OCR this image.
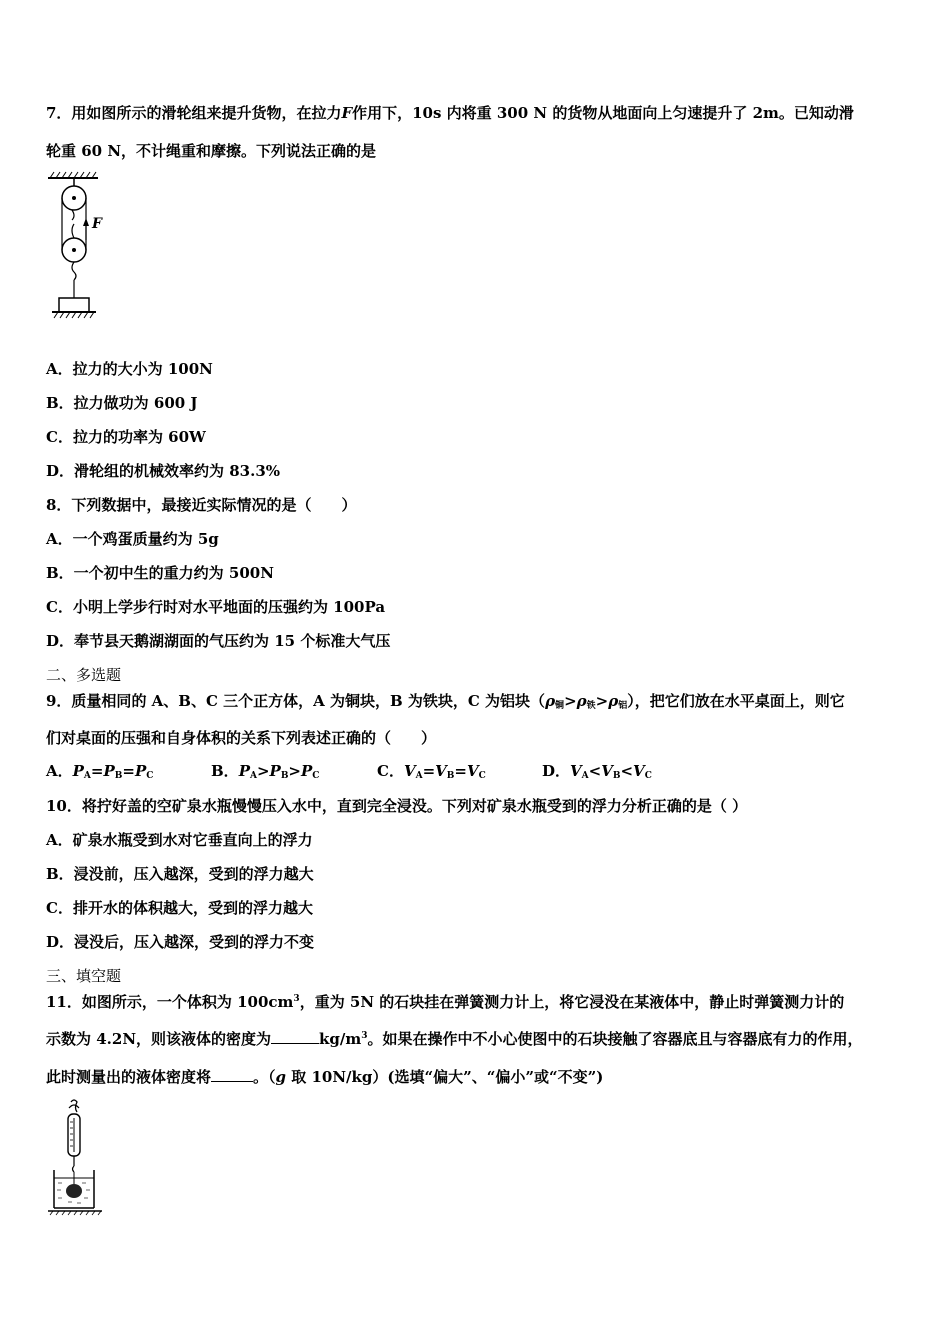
7．用如图所示的滑轮组来提升货物，在拉力F作用下，10s 内将重 300 N 的货物从地面向上匀速提升了 2m。已知动滑
轮重 60 N，不计绳重和摩擦。下列说法正确的是
F
A．拉力的大小为 100N
B．拉力做功为 600 J
C．拉力的功率为 60W
D．滑轮组的机械效率约为 83.3%
8．下列数据中，最接近实际情况的是（　　）
A．一个鸡蛋质量约为 5g
B．一个初中生的重力约为 500N
C．小明上学步行时对水平地面的压强约为 100Pa
D．奉节县天鹅湖湖面的气压约为 15 个标准大气压
二、多选题
9．质量相同的 A、B、C 三个正方体，A 为铜块，B 为铁块，C 为铝块$(\rho_铜>\rho_铁>\rho_铝)$，把它们放在水平桌面上，则它
们对桌面的压强和自身体积的关系下列表述正确的（　　）
A．$P_A=P_B=P_C$	B．$P_A>P_B>P_C$	C．$V_A=V_B=V_C$	D．$V_A<V_B<V_C$
10．将拧好盖的空矿泉水瓶慢慢压入水中，直到完全浸没。下列对矿泉水瓶受到的浮力分析正确的是（ ）
A．矿泉水瓶受到水对它垂直向上的浮力
B．浸没前，压入越深，受到的浮力越大
C．排开水的体积越大，受到的浮力越大
D．浸没后，压入越深，受到的浮力不变
三、填空题
11．如图所示，一个体积为 $100cm^3$，重为 5N 的石块挂在弹簧测力计上，将它浸没在某液体中，静止时弹簧测力计的
示数为 4.2N，则该液体的密度为	$kg/m^3$。如果在操作中不小心使图中的石块接触了容器底且与容器底有力的作用，
此时测量出的液体密度将	。（g 取 10N/kg）(选填“偏大”、“偏小”或“不变”)
